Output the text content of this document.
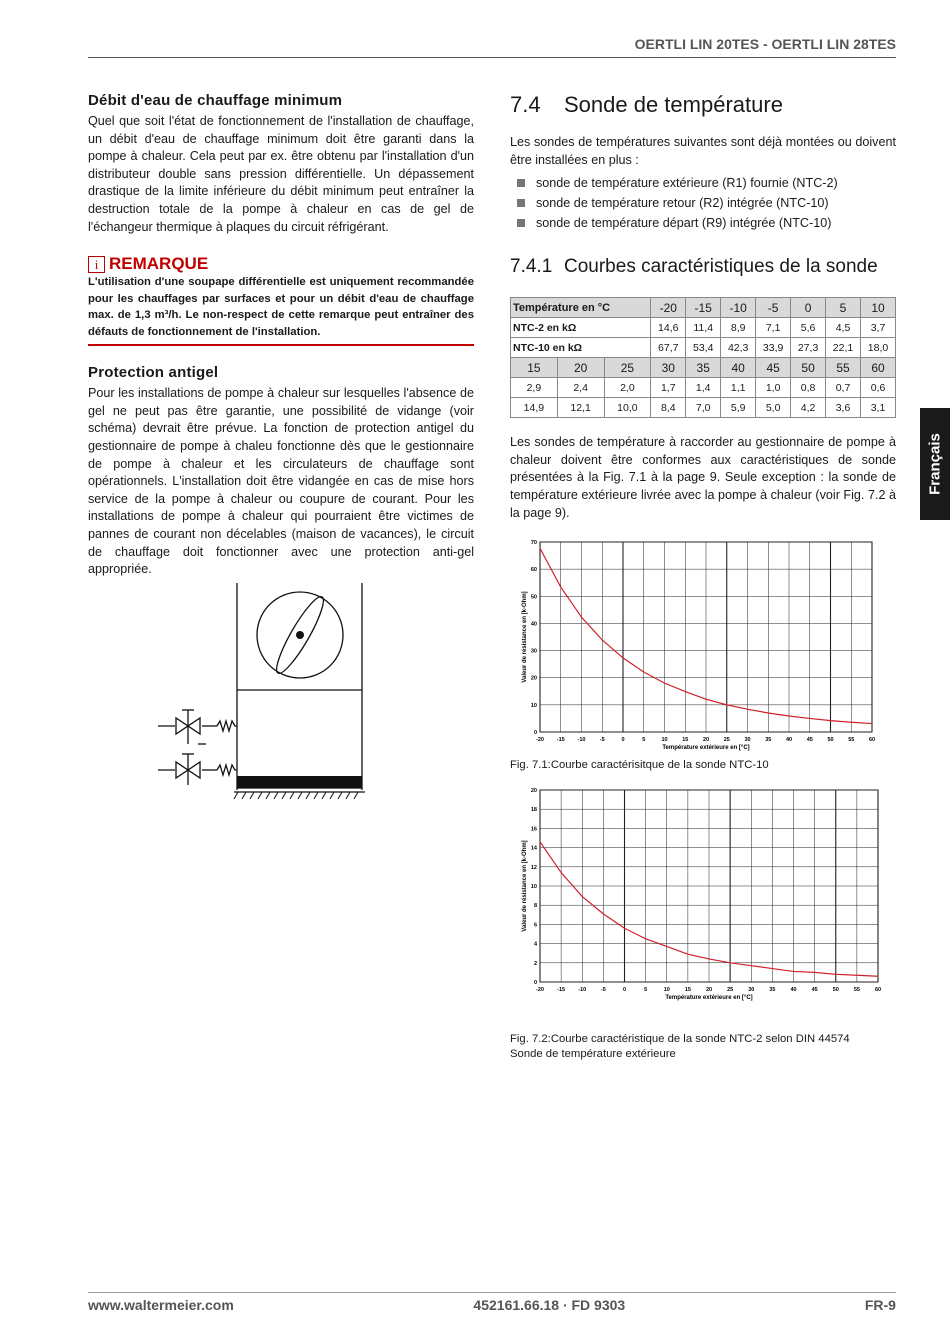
OERTLI LIN 20TES - OERTLI LIN 28TES
Français
Débit d'eau de chauffage minimum

Quel que soit l'état de fonctionnement de l'installation de chauffage, un débit d'eau de chauffage minimum doit être garanti dans la pompe à chaleur. Cela peut par ex. être obtenu par l'installation d'un distributeur double sans pression différentielle. Un dépassement drastique de la limite inférieure du débit minimum peut entraîner la destruction totale de la pompe à chaleur en cas de gel de l'échangeur thermique à plaques du circuit réfrigérant.

i REMARQUE

L'utilisation d'une soupape différentielle est uniquement recommandée pour les chauffages par surfaces et pour un débit d'eau de chauffage max. de 1,3 m³/h. Le non-respect de cette remarque peut entraîner des défauts de fonctionnement de l'installation.

Protection antigel

Pour les installations de pompe à chaleur sur lesquelles l'absence de gel ne peut pas être garantie, une possibilité de vidange (voir schéma) devrait être prévue. La fonction de protection antigel du gestionnaire de pompe à chaleu fonctionne dès que le gestionnaire de pompe à chaleur et les circulateurs de chauffage sont opérationnels. L'installation doit être vidangée en cas de mise hors service de la pompe à chaleur ou coupure de courant. Pour les installations de pompe à chaleur qui pourraient être victimes de pannes de courant non décelables (maison de vacances), le circuit de chauffage doit fonctionner avec une protection anti-gel appropriée.

7.4	Sonde de température

Les sondes de températures suivantes sont déjà montées ou doivent être installées en plus :

sonde de température extérieure (R1) fournie (NTC-2)
sonde de température retour (R2) intégrée (NTC-10)
sonde de température départ (R9) intégrée (NTC-10)
7.4.1 Courbes caractéristiques de la sonde
Température en °C			-20	-15	-10	-5	0	5	10
NTC-2 en kΩ			14,6	11,4	8,9	7,1	5,6	4,5	3,7
NTC-10 en kΩ			67,7	53,4	42,3	33,9	27,3	22,1	18,0
15	20	25	30	35	40	45	50	55	60
2,9	2,4	2,0	1,7	1,4	1,1	1,0	0,8	0,7	0,6
14,9	12,1	10,0	8,4	7,0	5,9	5,0	4,2	3,6	3,1

Les sondes de température à raccorder au gestionnaire de pompe à chaleur doivent être conformes aux caractéristiques de sonde présentées à la Fig. 7.1 à la page 9. Seule exception : la sonde de température extérieure livrée avec la pompe à chaleur (voir Fig. 7.2 à la page 9).

-20 -15 -10	-5	0	5	10	15	20	25	30	35	40	45	50	55	60
0
10
20
30
40
50
60
70
Température extérieure en [°C]
Valeur de résistance en [k-Ohm]
Fig. 7.1:Courbe caractérisitque de la sonde NTC-10
-20 -15 -10	-5	0	5	10	15	20	25	30	35	40	45	50	55	60
0
2
4
6
8
10
12
14
16
18
20
Température extérieure en [°C]
Valeur de résistance en [k-Ohm]
Fig. 7.2:Courbe caractéristique de la sonde NTC-2 selon DIN 44574
Sonde de température extérieure
www.waltermeier.com	452161.66.18 · FD 9303	FR-9
